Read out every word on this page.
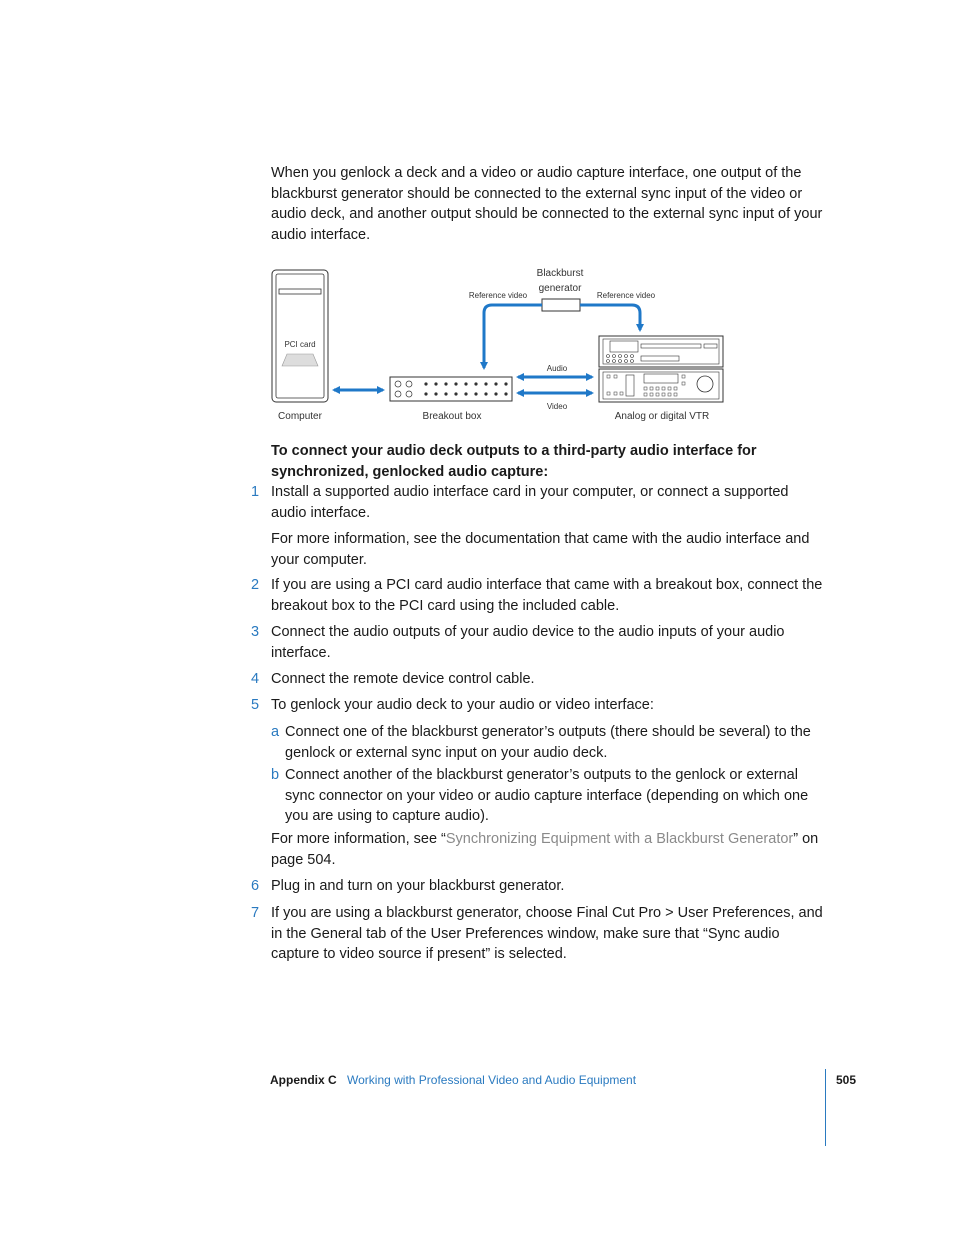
When you genlock a deck and a video or audio capture interface, one output of the blackburst generator should be connected to the external sync input of the video or audio deck, and another output should be connected to the external sync input of your audio interface.

PCI card
Blackburst
generator
Reference video	Reference video
Audio
Video
Computer	Breakout box	Analog or digital VTR

To connect your audio deck outputs to a third-party audio interface for synchronized, genlocked audio capture:

1 Install a supported audio interface card in your computer, or connect a supported audio interface.

For more information, see the documentation that came with the audio interface and your computer.

2 If you are using a PCI card audio interface that came with a breakout box, connect the breakout box to the PCI card using the included cable.

3 Connect the audio outputs of your audio device to the audio inputs of your audio interface.

4 Connect the remote device control cable.

5 To genlock your audio deck to your audio or video interface:

a Connect one of the blackburst generator’s outputs (there should be several) to the genlock or external sync input on your audio deck.

b Connect another of the blackburst generator’s outputs to the genlock or external sync connector on your video or audio capture interface (depending on which one you are using to capture audio).

For more information, see “Synchronizing Equipment with a Blackburst Generator” on page 504.

6 Plug in and turn on your blackburst generator.

7 If you are using a blackburst generator, choose Final Cut Pro > User Preferences, and in the General tab of the User Preferences window, make sure that “Sync audio capture to video source if present” is selected.

Appendix C Working with Professional Video and Audio Equipment	505
